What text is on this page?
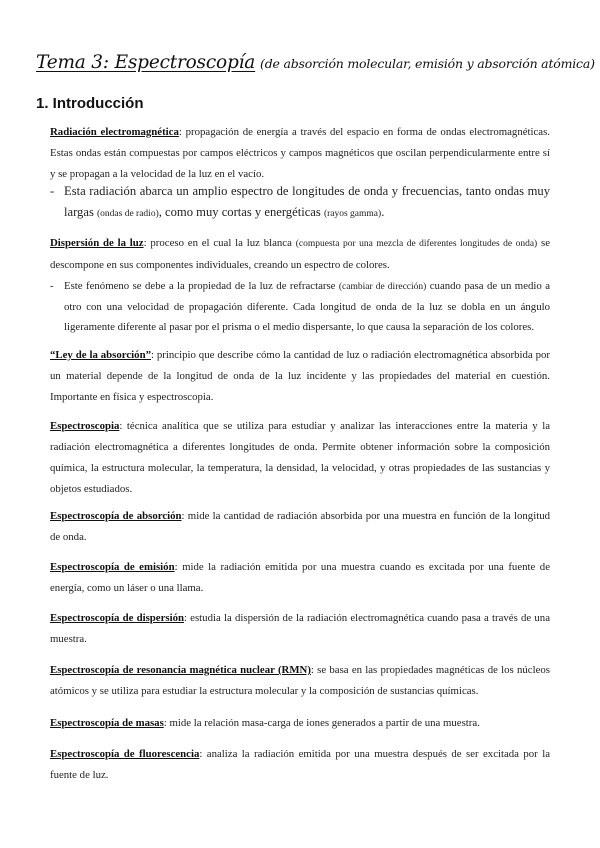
Tema 3: Espectroscopía (de absorción molecular, emisión y absorción atómica)
1. Introducción
Radiación electromagnética: propagación de energía a través del espacio en forma de ondas electromagnéticas. Estas ondas están compuestas por campos eléctricos y campos magnéticos que oscilan perpendicularmente entre sí y se propagan a la velocidad de la luz en el vacío.
- Esta radiación abarca un amplio espectro de longitudes de onda y frecuencias, tanto ondas muy largas (ondas de radio), como muy cortas y energéticas (rayos gamma).
Dispersión de la luz: proceso en el cual la luz blanca (compuesta por una mezcla de diferentes longitudes de onda) se descompone en sus componentes individuales, creando un espectro de colores.
- Este fenómeno se debe a la propiedad de la luz de refractarse (cambiar de dirección) cuando pasa de un medio a otro con una velocidad de propagación diferente. Cada longitud de onda de la luz se dobla en un ángulo ligeramente diferente al pasar por el prisma o el medio dispersante, lo que causa la separación de los colores.
“Ley de la absorción”: principio que describe cómo la cantidad de luz o radiación electromagnética absorbida por un material depende de la longitud de onda de la luz incidente y las propiedades del material en cuestión. Importante en física y espectroscopia.
Espectroscopia: técnica analítica que se utiliza para estudiar y analizar las interacciones entre la materia y la radiación electromagnética a diferentes longitudes de onda. Permite obtener información sobre la composición química, la estructura molecular, la temperatura, la densidad, la velocidad, y otras propiedades de las sustancias y objetos estudiados.
Espectroscopía de absorción: mide la cantidad de radiación absorbida por una muestra en función de la longitud de onda.
Espectroscopía de emisión: mide la radiación emitida por una muestra cuando es excitada por una fuente de energía, como un láser o una llama.
Espectroscopía de dispersión: estudia la dispersión de la radiación electromagnética cuando pasa a través de una muestra.
Espectroscopía de resonancia magnética nuclear (RMN): se basa en las propiedades magnéticas de los núcleos atómicos y se utiliza para estudiar la estructura molecular y la composición de sustancias químicas.
Espectroscopía de masas: mide la relación masa-carga de iones generados a partir de una muestra.
Espectroscopía de fluorescencia: analiza la radiación emitida por una muestra después de ser excitada por la fuente de luz.
